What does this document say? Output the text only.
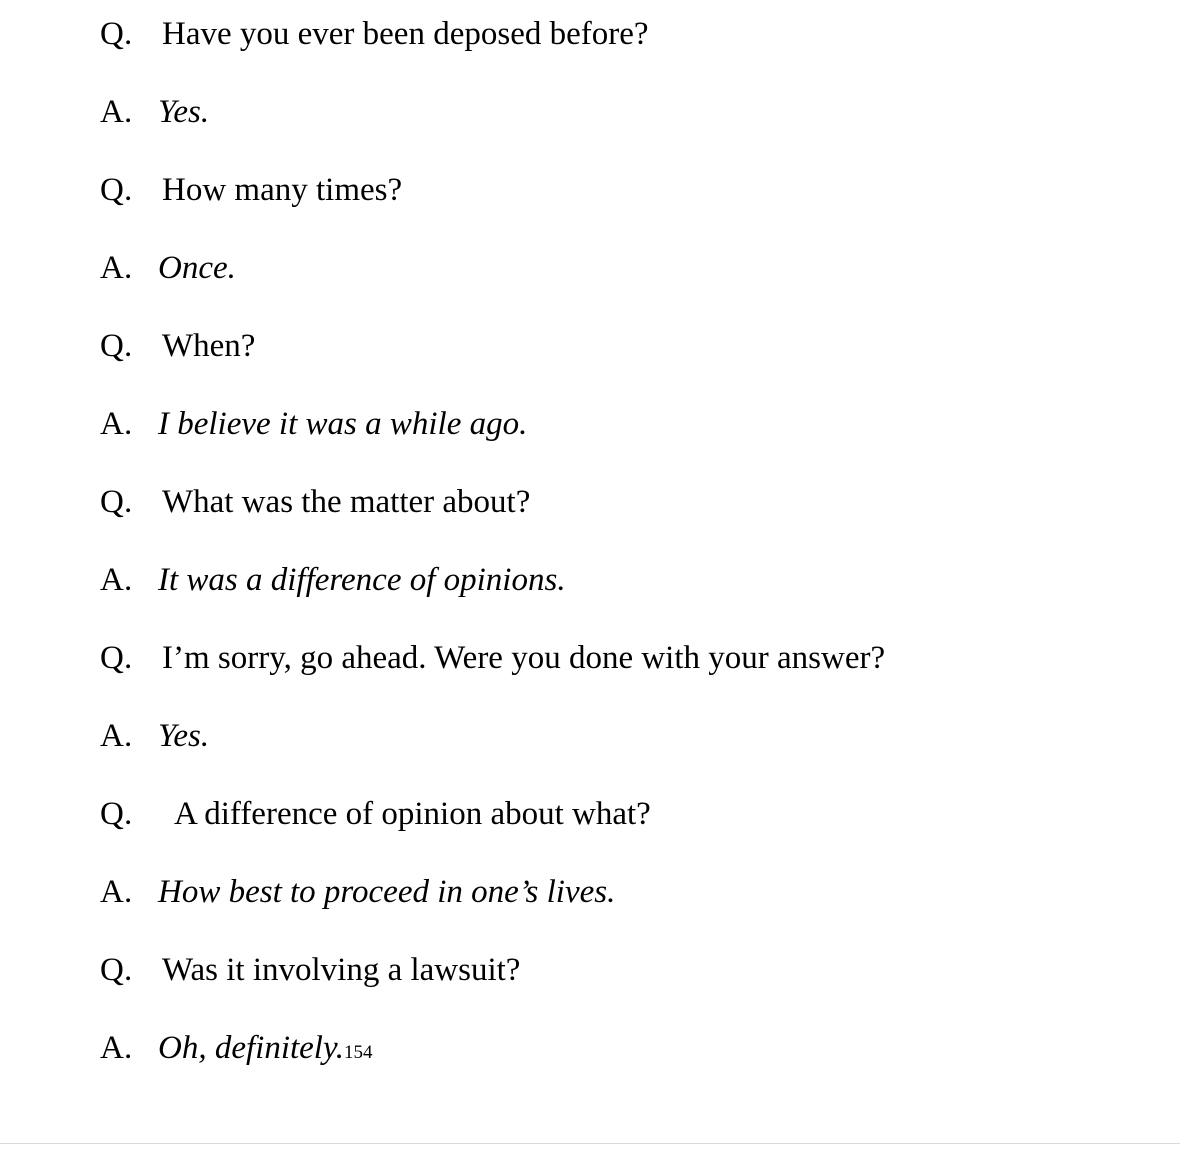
Q. Have you ever been deposed before?
A. Yes.
Q. How many times?
A. Once.
Q. When?
A. I believe it was a while ago.
Q. What was the matter about?
A. It was a difference of opinions.
Q. I’m sorry, go ahead. Were you done with your answer?
A. Yes.
Q.	A difference of opinion about what?
A. How best to proceed in one’s lives.
Q. Was it involving a lawsuit?
A. Oh, definitely. 154
